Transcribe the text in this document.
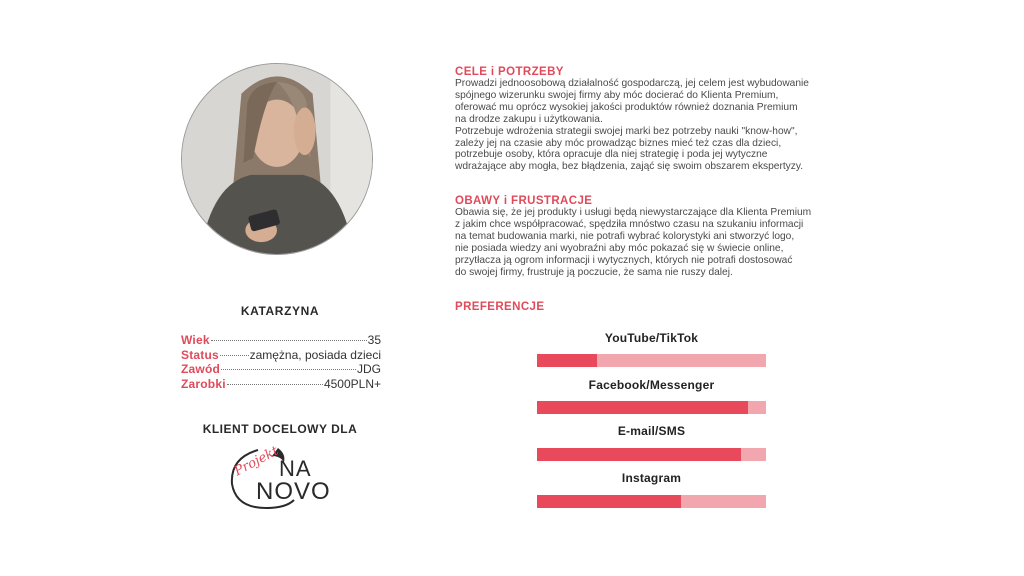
KATARZYNA
Wiek	35
Status	zamężna, posiada dzieci
Zawód	JDG
Zarobki	4500PLN+
KLIENT DOCELOWY DLA
Projekt
NA
NOVO
CELE i POTRZEBY

Prowadzi jednoosobową działalność gospodarczą, jej celem jest wybudowanie
spójnego wizerunku swojej firmy aby móc docierać do Klienta Premium,
oferować mu oprócz wysokiej jakości produktów również doznania Premium
na drodze zakupu i użytkowania.
Potrzebuje wdrożenia strategii swojej marki bez potrzeby nauki "know-how",
zależy jej na czasie aby móc prowadząc biznes mieć też czas dla dzieci,
potrzebuje osoby, która opracuje dla niej strategię i poda jej wytyczne
wdrażające aby mogła, bez błądzenia, zająć się swoim obszarem ekspertyzy.

OBAWY i FRUSTRACJE

Obawia się, że jej produkty i usługi będą niewystarczające dla Klienta Premium
z jakim chce współpracować, spędziła mnóstwo czasu na szukaniu informacji
na temat budowania marki, nie potrafi wybrać kolorystyki ani stworzyć logo,
nie posiada wiedzy ani wyobraźni aby móc pokazać się w świecie online,
przytłacza ją ogrom informacji i wytycznych, których nie potrafi dostosować
do swojej firmy, frustruje ją poczucie, że sama nie ruszy dalej.

PREFERENCJE
YouTube/TikTok
Facebook/Messenger
E-mail/SMS
Instagram
